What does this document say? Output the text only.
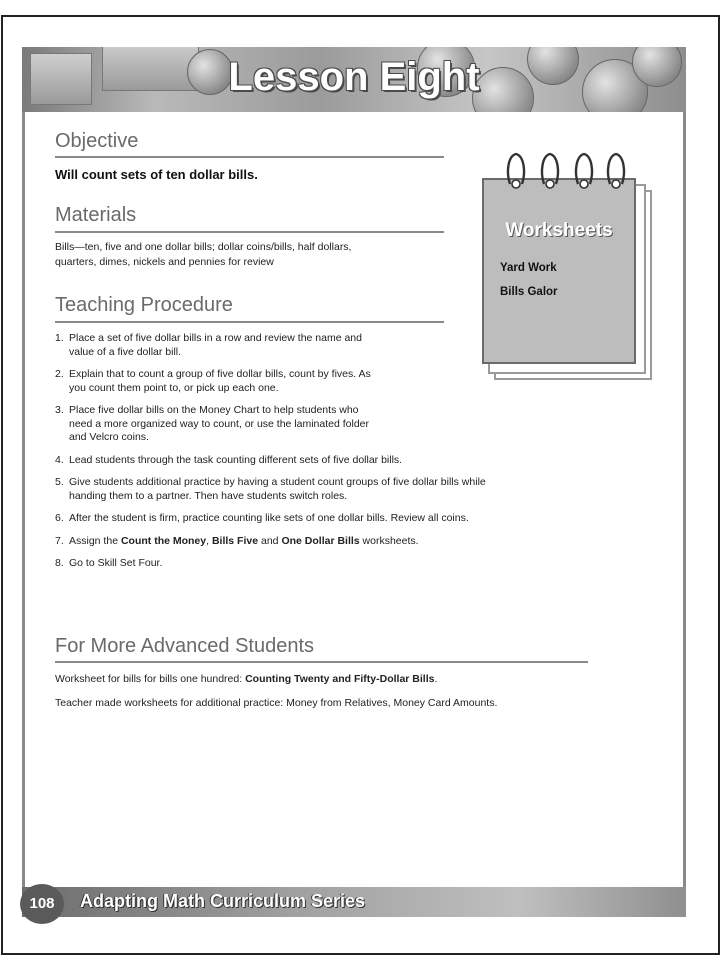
Lesson Eight
Objective
Will count sets of ten dollar bills.
Materials
Bills—ten, five and one dollar bills; dollar coins/bills, half dollars,
quarters, dimes, nickels and pennies for review
Teaching Procedure
1. Place a set of five dollar bills in a row and review the name and
value of a five dollar bill.
2. Explain that to count a group of five dollar bills, count by fives. As
you count them point to, or pick up each one.
3. Place five dollar bills on the Money Chart to help students who
need a more organized way to count, or use the laminated folder
and Velcro coins.
4. Lead students through the task counting different sets of five dollar bills.
5. Give students additional practice by having a student count groups of five dollar bills while
handing them to a partner. Then have students switch roles.
6. After the student is firm, practice counting like sets of one dollar bills. Review all coins.
7. Assign the Count the Money, Bills Five and One Dollar Bills worksheets.
8. Go to Skill Set Four.
Worksheets
Yard Work
Bills Galor
For More Advanced Students
Worksheet for bills for bills one hundred: Counting Twenty and Fifty-Dollar Bills.
Teacher made worksheets for additional practice: Money from Relatives, Money Card Amounts.
108	Adapting Math Curriculum Series
